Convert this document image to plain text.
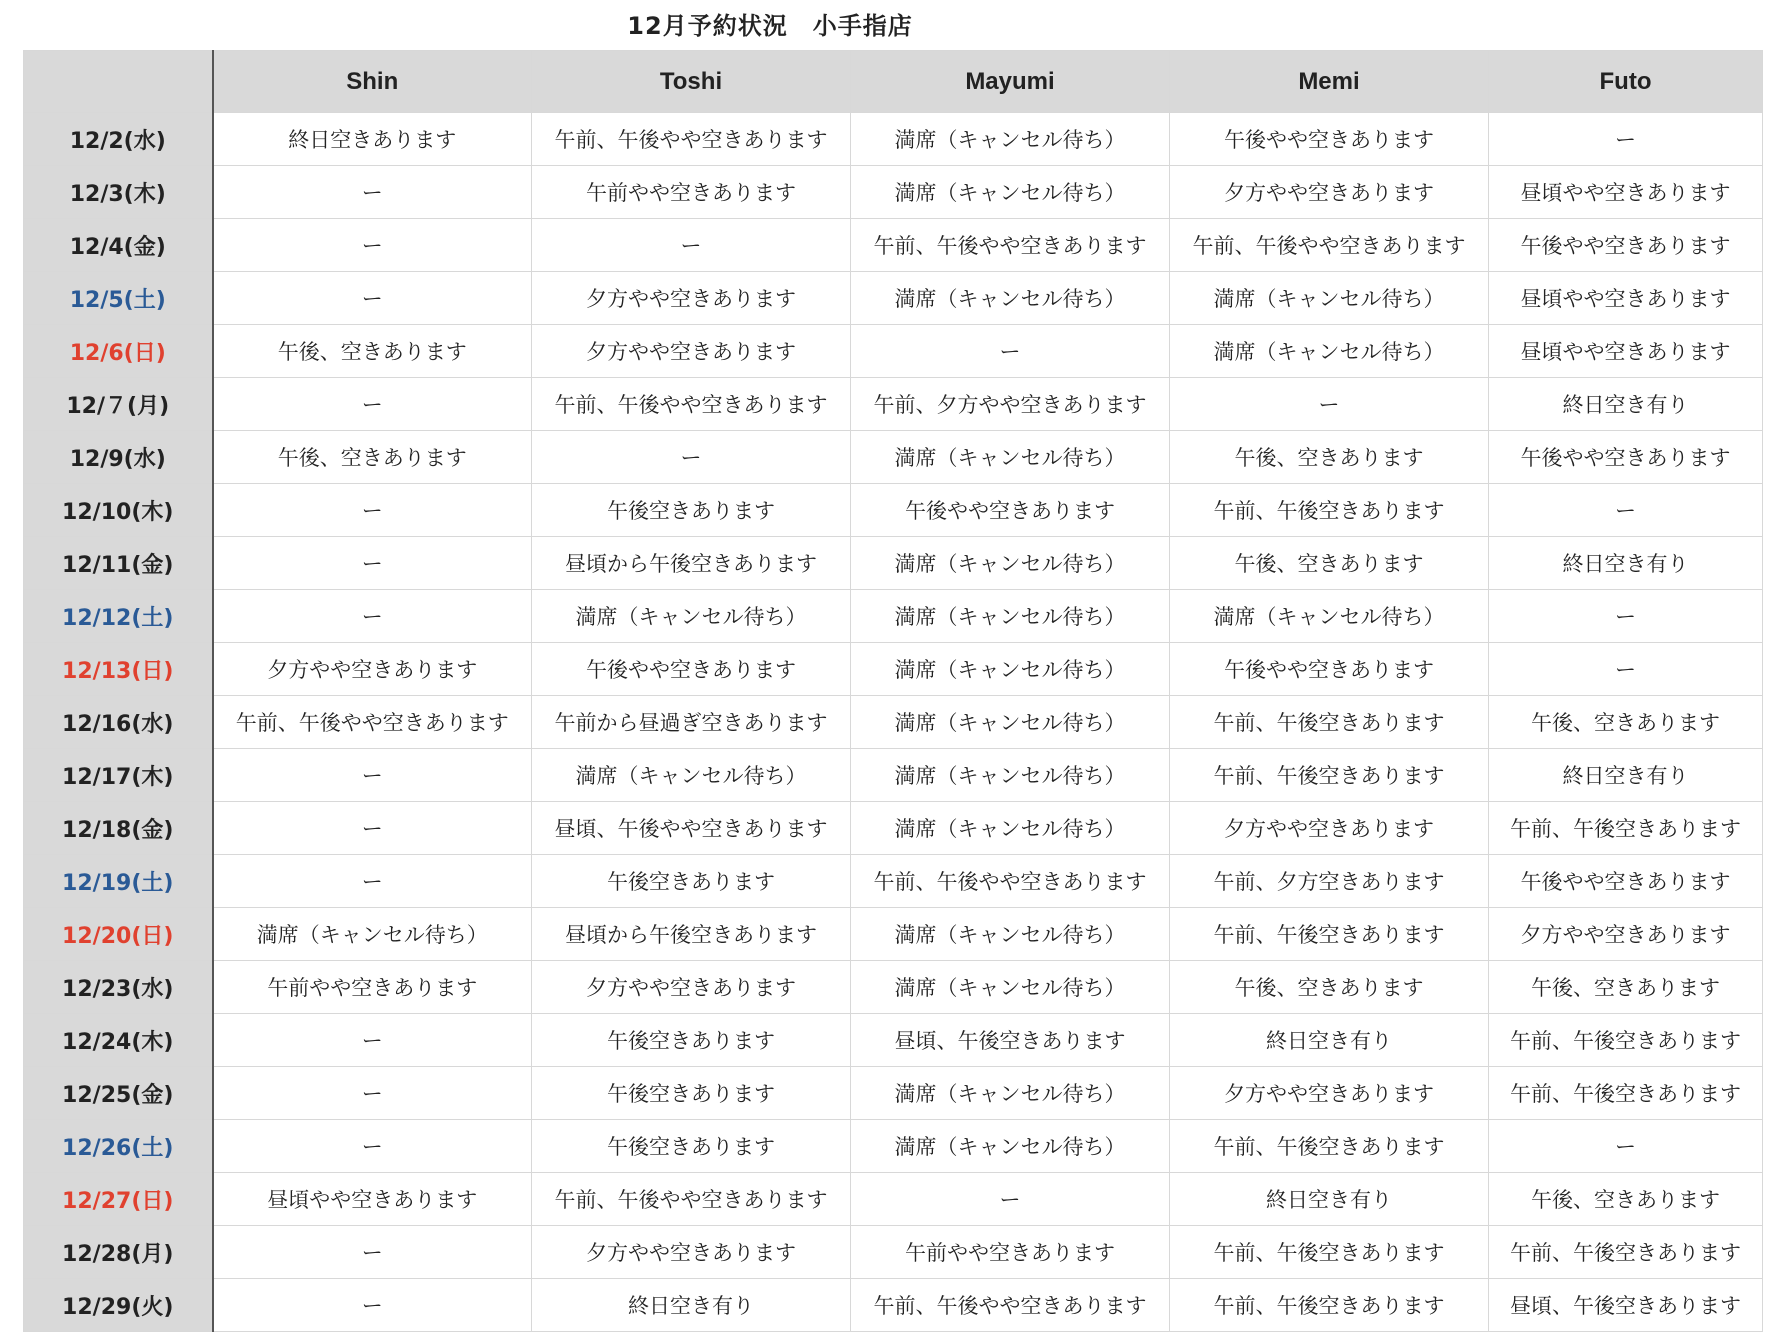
12月予約状況　小手指店
	Shin	Toshi	Mayumi	Memi	Futo
12/2(水)	終日空きあります	午前、午後やや空きあります	満席（キャンセル待ち）	午後やや空きあります	ー
12/3(木)	ー	午前やや空きあります	満席（キャンセル待ち）	夕方やや空きあります	昼頃やや空きあります
12/4(金)	ー	ー	午前、午後やや空きあります	午前、午後やや空きあります	午後やや空きあります
12/5(土)	ー	夕方やや空きあります	満席（キャンセル待ち）	満席（キャンセル待ち）	昼頃やや空きあります
12/6(日)	午後、空きあります	夕方やや空きあります	ー	満席（キャンセル待ち）	昼頃やや空きあります
12/７(月)	ー	午前、午後やや空きあります	午前、夕方やや空きあります	ー	終日空き有り
12/9(水)	午後、空きあります	ー	満席（キャンセル待ち）	午後、空きあります	午後やや空きあります
12/10(木)	ー	午後空きあります	午後やや空きあります	午前、午後空きあります	ー
12/11(金)	ー	昼頃から午後空きあります	満席（キャンセル待ち）	午後、空きあります	終日空き有り
12/12(土)	ー	満席（キャンセル待ち）	満席（キャンセル待ち）	満席（キャンセル待ち）	ー
12/13(日)	夕方やや空きあります	午後やや空きあります	満席（キャンセル待ち）	午後やや空きあります	ー
12/16(水)	午前、午後やや空きあります	午前から昼過ぎ空きあります	満席（キャンセル待ち）	午前、午後空きあります	午後、空きあります
12/17(木)	ー	満席（キャンセル待ち）	満席（キャンセル待ち）	午前、午後空きあります	終日空き有り
12/18(金)	ー	昼頃、午後やや空きあります	満席（キャンセル待ち）	夕方やや空きあります	午前、午後空きあります
12/19(土)	ー	午後空きあります	午前、午後やや空きあります	午前、夕方空きあります	午後やや空きあります
12/20(日)	満席（キャンセル待ち）	昼頃から午後空きあります	満席（キャンセル待ち）	午前、午後空きあります	夕方やや空きあります
12/23(水)	午前やや空きあります	夕方やや空きあります	満席（キャンセル待ち）	午後、空きあります	午後、空きあります
12/24(木)	ー	午後空きあります	昼頃、午後空きあります	終日空き有り	午前、午後空きあります
12/25(金)	ー	午後空きあります	満席（キャンセル待ち）	夕方やや空きあります	午前、午後空きあります
12/26(土)	ー	午後空きあります	満席（キャンセル待ち）	午前、午後空きあります	ー
12/27(日)	昼頃やや空きあります	午前、午後やや空きあります	ー	終日空き有り	午後、空きあります
12/28(月)	ー	夕方やや空きあります	午前やや空きあります	午前、午後空きあります	午前、午後空きあります
12/29(火)	ー	終日空き有り	午前、午後やや空きあります	午前、午後空きあります	昼頃、午後空きあります
